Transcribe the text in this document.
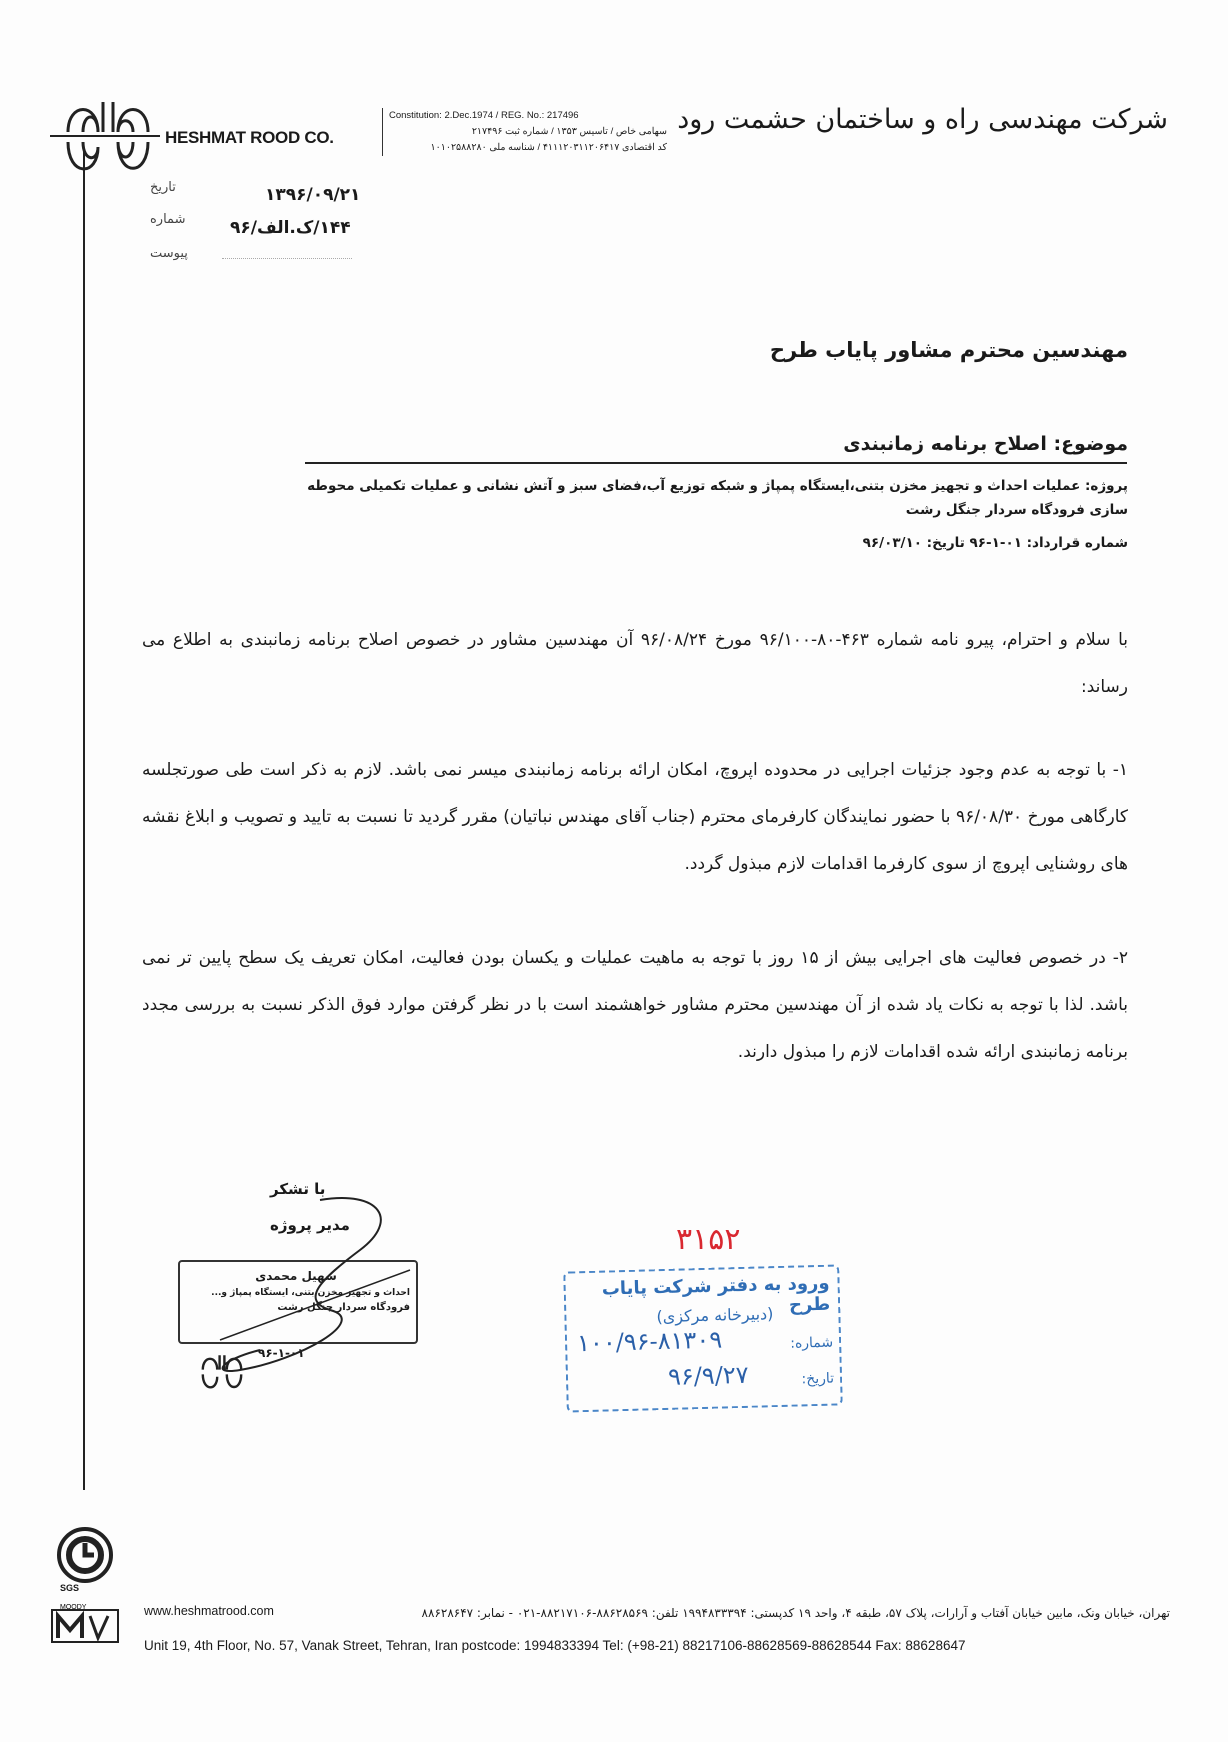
HESHMAT ROOD CO.
Constitution: 2.Dec.1974 / REG. No.: 217496
سهامی خاص / تاسیس ۱۳۵۳ / شماره ثبت ۲۱۷۴۹۶
کد اقتصادی ۴۱۱۱۲۰۳۱۱۲۰۶۴۱۷ / شناسه ملی ۱۰۱۰۲۵۸۸۲۸۰
شرکت مهندسی راه و ساختمان حشمت رود
تاریخ	۱۳۹۶/۰۹/۲۱
شماره	۱۴۴/ک.الف/۹۶
پیوست
مهندسین محترم مشاور پایاب طرح
موضوع: اصلاح برنامه زمانبندی
پروژه: عملیات احداث و تجهیز مخزن بتنی،ایستگاه پمپاژ و شبکه توزیع آب،فضای سبز و آتش نشانی و عملیات تکمیلی محوطه سازی فرودگاه سردار جنگل رشت
شماره قرارداد: ۰۱-۱-۹۶ تاریخ: ۹۶/۰۳/۱۰
با سلام و احترام، پیرو نامه شماره ۴۶۳-۸۰-۹۶/۱۰۰ مورخ ۹۶/۰۸/۲۴ آن مهندسین مشاور در خصوص اصلاح برنامه زمانبندی به اطلاع می رساند:
۱- با توجه به عدم وجود جزئیات اجرایی در محدوده اپروچ، امکان ارائه برنامه زمانبندی میسر نمی باشد. لازم به ذکر است طی صورتجلسه کارگاهی مورخ ۹۶/۰۸/۳۰ با حضور نمایندگان کارفرمای محترم (جناب آقای مهندس نباتیان) مقرر گردید تا نسبت به تایید و تصویب و ابلاغ نقشه های روشنایی اپروچ از سوی کارفرما اقدامات لازم مبذول گردد.
۲- در خصوص فعالیت های اجرایی بیش از ۱۵ روز با توجه به ماهیت عملیات و یکسان بودن فعالیت، امکان تعریف یک سطح پایین تر نمی باشد. لذا با توجه به نکات یاد شده از آن مهندسین محترم مشاور خواهشمند است با در نظر گرفتن موارد فوق الذکر نسبت به بررسی مجدد برنامه زمانبندی ارائه شده اقدامات لازم را مبذول دارند.
با تشکر
مدیر پروژه
سهیل محمدی
احداث و تجهیز مخزن بتنی، ایستگاه پمپاژ و...
فرودگاه سردار جنگل رشت
۹۶-۱-۰۱
۳۱۵۲
ورود به دفتر شرکت پایاب طرح
(دبیرخانه مرکزی)
شماره:
۱۰۰/۹۶-۸۱۳۰۹
تاریخ:
۹۶/۹/۲۷
SGS
MOODY	تهران، خیابان ونک، مابین خیابان آفتاب و آرارات، پلاک ۵۷، طبقه ۴، واحد ۱۹ کدپستی: ۱۹۹۴۸۳۳۳۹۴ تلفن: ۸۸۶۲۸۵۶۹-۸۸۲۱۷۱۰۶-۰۲۱ - نمابر: ۸۸۶۲۸۶۴۷
www.heshmatrood.com
Unit 19, 4th Floor, No. 57, Vanak Street, Tehran, Iran postcode: 1994833394 Tel: (+98-21) 88217106-88628569-88628544 Fax: 88628647
